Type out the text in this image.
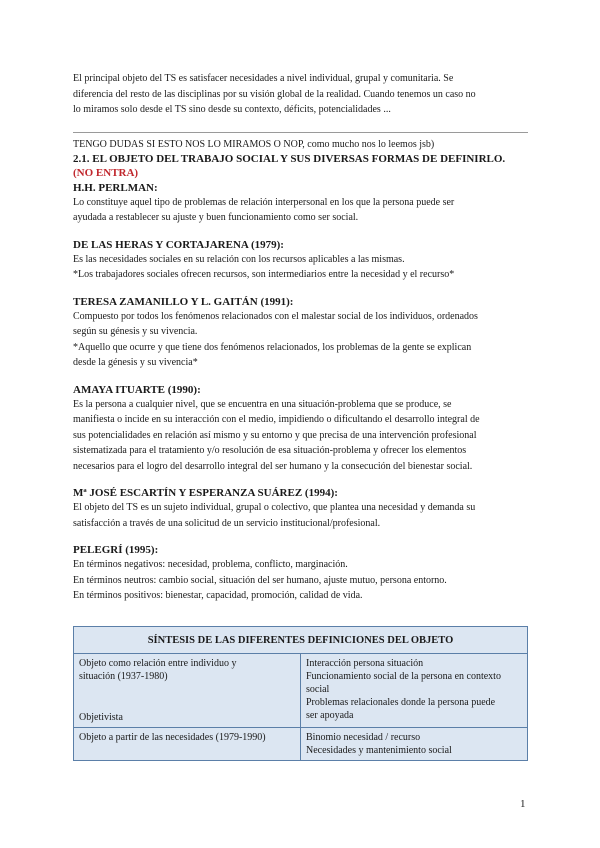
El principal objeto del TS es satisfacer necesidades a nivel individual, grupal y comunitaria. Se

diferencia del resto de las disciplinas por su visión global de la realidad. Cuando tenemos un caso no

lo miramos solo desde el TS sino desde su contexto, déficits, potencialidades ...

TENGO DUDAS SI ESTO NOS LO MIRAMOS O NOP, como mucho nos lo leemos jsb)

2.1. EL OBJETO DEL TRABAJO SOCIAL Y SUS DIVERSAS FORMAS DE DEFINIRLO.

(NO ENTRA)

H.H. PERLMAN:

Lo constituye aquel tipo de problemas de relación interpersonal en los que la persona puede ser

ayudada a restablecer su ajuste y buen funcionamiento como ser social.

DE LAS HERAS Y CORTAJARENA (1979):

Es las necesidades sociales en su relación con los recursos aplicables a las mismas.

*Los trabajadores sociales ofrecen recursos, son intermediarios entre la necesidad y el recurso*

TERESA ZAMANILLO Y L. GAITÁN (1991):

Compuesto por todos los fenómenos relacionados con el malestar social de los individuos, ordenados

según su génesis y su vivencia.

*Aquello que ocurre y que tiene dos fenómenos relacionados, los problemas de la gente se explican

desde la génesis y su vivencia*

AMAYA ITUARTE (1990):

Es la persona a cualquier nivel, que se encuentra en una situación-problema que se produce, se

manifiesta o incide en su interacción con el medio, impidiendo o dificultando el desarrollo integral de

sus potencialidades en relación así mismo y su entorno y que precisa de una intervención profesional

sistematizada para el tratamiento y/o resolución de esa situación-problema y ofrecer los elementos

necesarios para el logro del desarrollo integral del ser humano y la consecución del bienestar social.

Mª JOSÉ ESCARTÍN Y ESPERANZA SUÁREZ (1994):

El objeto del TS es un sujeto individual, grupal o colectivo, que plantea una necesidad y demanda su

satisfacción a través de una solicitud de un servicio institucional/profesional.

PELEGRÍ (1995):

En términos negativos: necesidad, problema, conflicto, marginación.

En términos neutros: cambio social, situación del ser humano, ajuste mutuo, persona entorno.

En términos positivos: bienestar, capacidad, promoción, calidad de vida.

SÍNTESIS DE LAS DIFERENTES DEFINICIONES DEL OBJETO	

Objeto como relación entre individuo y
situación (1937-1980)
Objetivista	Interacción persona situación
Funcionamiento social de la persona en contexto
social
Problemas relacionales donde la persona puede
ser apoyada

Objeto a partir de las necesidades (1979-1990)	Binomio necesidad / recurso
Necesidades y mantenimiento social
1
